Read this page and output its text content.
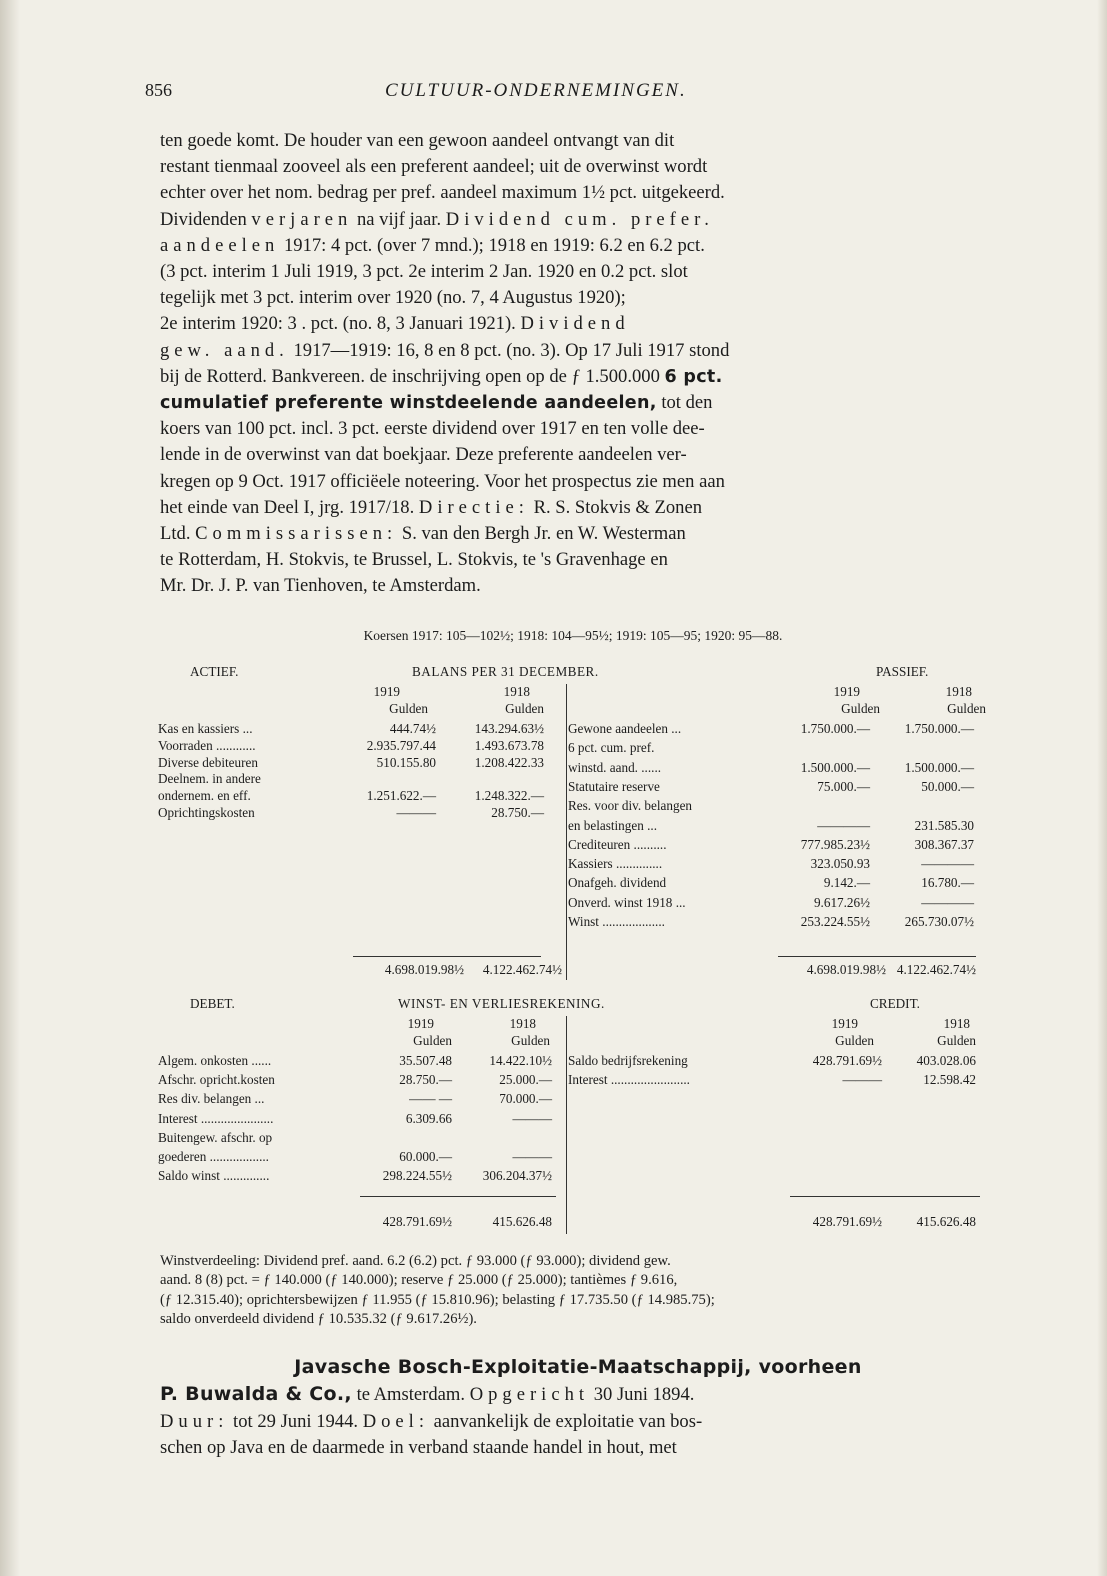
856	CULTUUR-ONDERNEMINGEN.

ten goede komt. De houder van een gewoon aandeel ontvangt van dit

restant tienmaal zooveel als een preferent aandeel; uit de overwinst wordt

echter over het nom. bedrag per pref. aandeel maximum 1½ pct. uitgekeerd.

Dividenden verjaren na vijf jaar. Dividend cum. prefer.

aandeelen 1917: 4 pct. (over 7 mnd.); 1918 en 1919: 6.2 en 6.2 pct.

(3 pct. interim 1 Juli 1919, 3 pct. 2e interim 2 Jan. 1920 en 0.2 pct. slot

tegelijk met 3 pct. interim over 1920 (no. 7, 4 Augustus 1920);

2e interim 1920: 3 . pct. (no. 8, 3 Januari 1921). Dividend

gew. aand. 1917—1919: 16, 8 en 8 pct. (no. 3). Op 17 Juli 1917 stond

bij de Rotterd. Bankvereen. de inschrijving open op de ƒ 1.500.000 6 pct.

cumulatief preferente winstdeelende aandeelen, tot den

koers van 100 pct. incl. 3 pct. eerste dividend over 1917 en ten volle dee-

lende in de overwinst van dat boekjaar. Deze preferente aandeelen ver-

kregen op 9 Oct. 1917 officiëele noteering. Voor het prospectus zie men aan

het einde van Deel I, jrg. 1917/18. Directie: R. S. Stokvis & Zonen

Ltd. Commissarissen: S. van den Bergh Jr. en W. Westerman

te Rotterdam, H. Stokvis, te Brussel, L. Stokvis, te 's Gravenhage en

Mr. Dr. J. P. van Tienhoven, te Amsterdam.

Koersen 1917: 105—102½; 1918: 104—95½; 1919: 105—95; 1920: 95—88.
ACTIEF.	BALANS PER 31 DECEMBER.	PASSIEF.
1919	1918	1919	1918
Gulden	Gulden	Gulden	Gulden
Kas en kassiers ...	444.74½	143.294.63½
Voorraden ............	2.935.797.44	1.493.673.78
Diverse debiteuren	510.155.80	1.208.422.33
Deelnem. in andere
ondernem. en eff.	1.251.622.—	1.248.322.—
Oprichtingskosten	———	28.750.—
Gewone aandeelen ...	1.750.000.—	1.750.000.—
6 pct. cum. pref.
winstd. aand. ......	1.500.000.—	1.500.000.—
Statutaire reserve	75.000.—	50.000.—
Res. voor div. belangen
en belastingen ...	————	231.585.30
Crediteuren ..........	777.985.23½	308.367.37
Kassiers ..............	323.050.93	————
Onafgeh. dividend	9.142.—	16.780.—
Onverd. winst 1918 ...	9.617.26½	————
Winst ...................	253.224.55½	265.730.07½
4.698.019.98½ 4.122.462.74½	4.698.019.98½ 4.122.462.74½
DEBET.	WINST- EN VERLIESREKENING.	CREDIT.
1919	1918	1919	1918
Gulden	Gulden	Gulden	Gulden
Algem. onkosten ......	35.507.48	14.422.10½
Afschr. opricht.kosten	28.750.—	25.000.—
Res div. belangen ...	—— —	70.000.—
Interest ......................	6.309.66	———
Buitengew. afschr. op
goederen ..................	60.000.—	———
Saldo winst ..............	298.224.55½ 306.204.37½
Saldo bedrijfsrekening	428.791.69½	403.028.06
Interest ........................	———	12.598.42
428.791.69½	415.626.48	428.791.69½	415.626.48

Winstverdeeling: Dividend pref. aand. 6.2 (6.2) pct. ƒ 93.000 (ƒ 93.000); dividend gew.

aand. 8 (8) pct. = ƒ 140.000 (ƒ 140.000); reserve ƒ 25.000 (ƒ 25.000); tantièmes ƒ 9.616,

(ƒ 12.315.40); oprichtersbewijzen ƒ 11.955 (ƒ 15.810.96); belasting ƒ 17.735.50 (ƒ 14.985.75);

saldo onverdeeld dividend ƒ 10.535.32 (ƒ 9.617.26½).

Javasche Bosch-Exploitatie-Maatschappij, voorheen

P. Buwalda & Co., te Amsterdam. Opgericht 30 Juni 1894.

Duur: tot 29 Juni 1944. Doel: aanvankelijk de exploitatie van bos-

schen op Java en de daarmede in verband staande handel in hout, met
